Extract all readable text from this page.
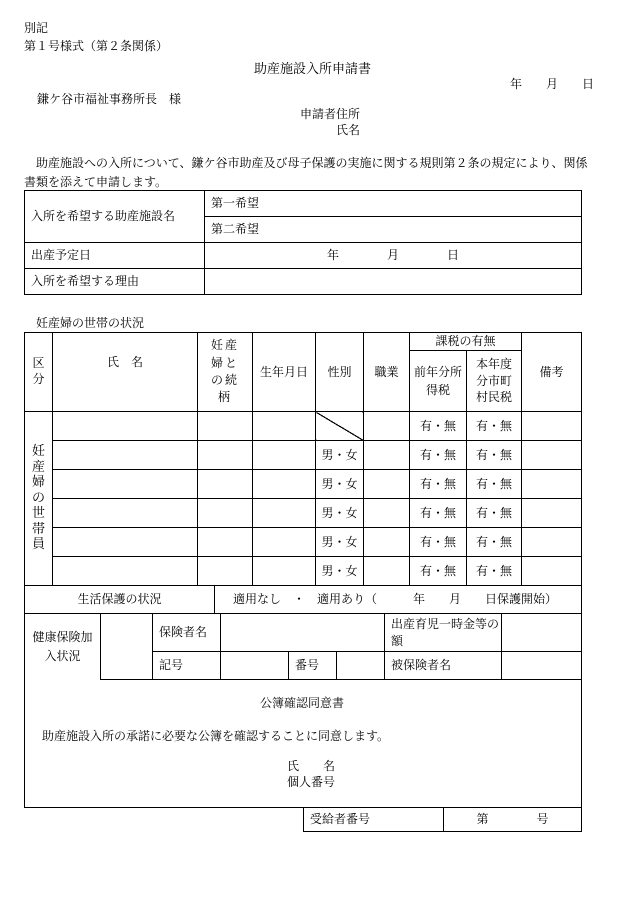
別記
第１号様式（第２条関係）
助産施設入所申請書
年　　月　　日
鎌ケ谷市福祉事務所長　様
申請者住所
氏名
　助産施設への入所について、鎌ケ谷市助産及び母子保護の実施に関する規則第２条の規定により、関係
書類を添えて申請します。
入所を希望する助産施設名	第一希望
	第二希望
出産予定日	年　　　　月　　　　日
入所を希望する理由	
妊産婦の世帯の状況
区分	氏　名	妊産婦との続柄	生年月日	性別	職業	課税の有無		備考

						前年分所得税	本年度分市町村民税	

妊産婦の世帯員						有・無	有・無	
				男・女		有・無	有・無	
				男・女		有・無	有・無	
				男・女		有・無	有・無	
				男・女		有・無	有・無	
				男・女		有・無	有・無	
生活保護の状況	適用なし　・　適用あり（　　　年　　月　　日保護開始）
健康保険加入状況		保険者名				出産育児一時金等の額	

		記号		番号		被保険者名	
公簿確認同意書
助産施設入所の承諾に必要な公簿を確認することに同意します。
氏　　名
個人番号
受給者番号	第　　　　号
